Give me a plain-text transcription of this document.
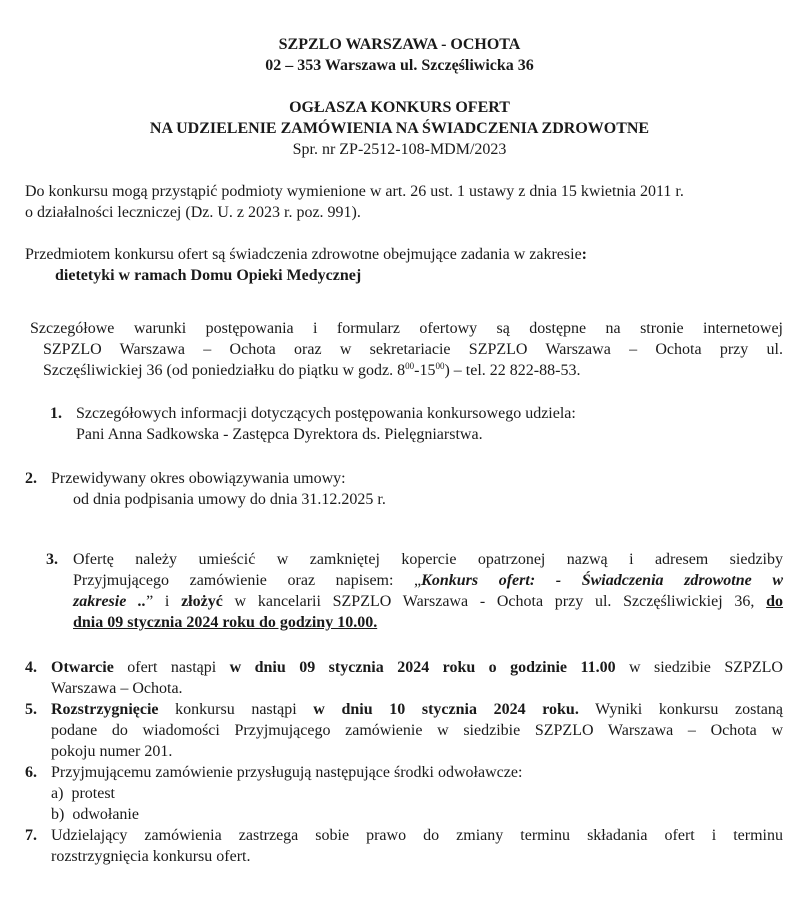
SZPZLO WARSZAWA - OCHOTA
02 – 353 Warszawa ul. Szczęśliwicka 36
OGŁASZA KONKURS OFERT
NA UDZIELENIE ZAMÓWIENIA NA ŚWIADCZENIA ZDROWOTNE
Spr. nr ZP-2512-108-MDM/2023
Do konkursu mogą przystąpić podmioty wymienione w art. 26 ust. 1 ustawy z dnia 15 kwietnia 2011 r.
o działalności leczniczej (Dz. U. z 2023 r. poz. 991).
Przedmiotem konkursu ofert są świadczenia zdrowotne obejmujące zadania w zakresie:
dietetyki w ramach Domu Opieki Medycznej
Szczegółowe warunki postępowania i formularz ofertowy są dostępne na stronie internetowej
SZPZLO Warszawa – Ochota oraz w sekretariacie SZPZLO Warszawa – Ochota przy ul.
Szczęśliwickiej 36 (od poniedziałku do piątku w godz. $8^{00}-15^{00}$) – tel. 22 822-88-53.
1. Szczegółowych informacji dotyczących postępowania konkursowego udziela:
Pani Anna Sadkowska - Zastępca Dyrektora ds. Pielęgniarstwa.
2. Przewidywany okres obowiązywania umowy:
od dnia podpisania umowy do dnia 31.12.2025 r.
3. Ofertę należy umieścić w zamkniętej kopercie opatrzonej nazwą i adresem siedziby
Przyjmującego zamówienie oraz napisem: „Konkurs ofert: - Świadczenia zdrowotne w
zakresie ..” i złożyć w kancelarii SZPZLO Warszawa - Ochota przy ul. Szczęśliwickiej 36, do
dnia 09 stycznia 2024 roku do godziny 10.00.
4. Otwarcie ofert nastąpi w dniu 09 stycznia 2024 roku o godzinie 11.00 w siedzibie SZPZLO
Warszawa – Ochota.
5. Rozstrzygnięcie konkursu nastąpi w dniu 10 stycznia 2024 roku. Wyniki konkursu zostaną
podane do wiadomości Przyjmującego zamówienie w siedzibie SZPZLO Warszawa – Ochota w
pokoju numer 201.
6. Przyjmującemu zamówienie przysługują następujące środki odwoławcze:
a) protest
b) odwołanie
7. Udzielający zamówienia zastrzega sobie prawo do zmiany terminu składania ofert i terminu
rozstrzygnięcia konkursu ofert.
